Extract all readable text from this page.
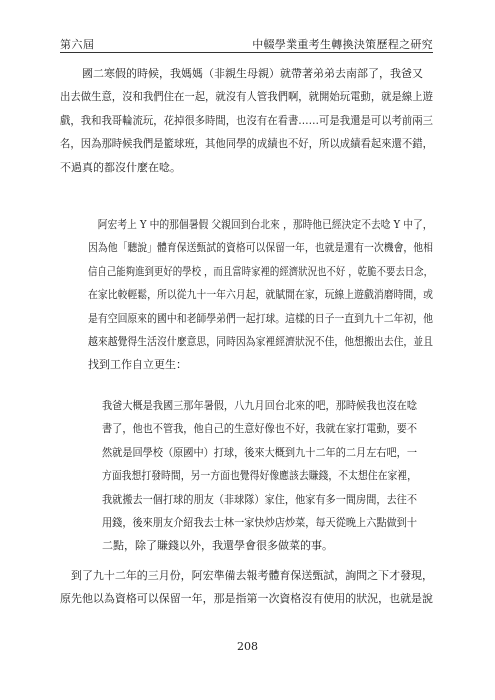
第六屆	中輟學業重考生轉換決策歷程之研究
　　國二寒假的時候，我媽媽（非親生母親）就帶著弟弟去南部了，我爸又
出去做生意，沒和我們住在一起，就沒有人管我們啊，就開始玩電動，就是線上遊
戲，我和我哥輪流玩，花掉很多時間，也沒有在看書……可是我還是可以考前兩三
名，因為那時候我們是籃球班，其他同學的成績也不好，所以成績看起來還不錯，
不過真的都沒什麼在唸。
　阿宏考上 Y 中的那個暑假 父親回到台北來 ，那時他已經決定不去唸 Y 中了，
因為他「聽說」體育保送甄試的資格可以保留一年，也就是還有一次機會，他相
信自己能夠進到更好的學校 ，而且當時家裡的經濟狀況也不好 ，乾脆不要去日念，
在家比較輕鬆，所以從九十一年六月起，就賦閒在家，玩線上遊戲消磨時間，或
是有空回原來的國中和老師學弟們一起打球。這樣的日子一直到九十二年初，他
越來越覺得生活沒什麼意思，同時因為家裡經濟狀況不佳，他想搬出去住，並且
找到工作自立更生：
我爸大概是我國三那年暑假，八九月回台北來的吧，那時候我也沒在唸
書了，他也不管我，他自己的生意好像也不好，我就在家打電動，要不
然就是回學校（原國中）打球，後來大概到九十二年的二月左右吧，一
方面我想打發時間，另一方面也覺得好像應該去賺錢，不太想住在家裡，
我就搬去一個打球的朋友（非球隊）家住，他家有多一間房間，去往不
用錢，後來朋友介紹我去士林一家快炒店炒菜，每天從晚上六點做到十
二點，除了賺錢以外，我還學會很多做菜的事。
　到了九十二年的三月份，阿宏準備去報考體育保送甄試，詢問之下才發現，
原先他以為資格可以保留一年，那是指第一次資格沒有使用的狀況，也就是說
208
